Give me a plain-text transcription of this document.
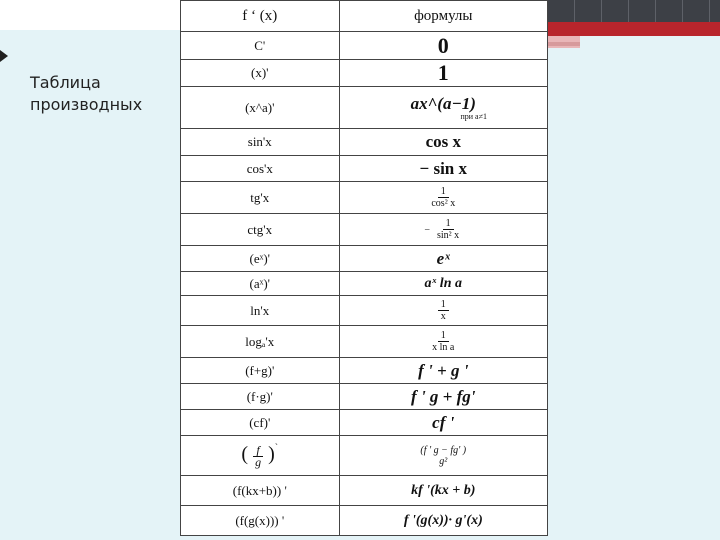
Таблица производных
f ‘ (x)	формулы
C'	0
(x)'	1
(x^a)'	ax^(a−1)
при a≠1

sin'x	cos x
cos'x	− sin x
tg'x	$\frac{1}{\text{cos² x}}$

ctg'x	− $\frac{1}{\text{sin² x}}$

(eˣ)'	eˣ
(aˣ)'	aˣ ln a
ln'x	$\frac{1}{x}$

logₐ'x	$\frac{1}{\text{x ln a}}$

(f+g)'	f ' + g '
(f·g)'	f ' g + fg'
(cf)'	cf '
( $\frac{f}{g} )^`$	(f ' g − fg' )
g²

(f(kx+b)) '	kf '(kx + b)
(f(g(x))) '	f '(g(x))· g'(x)
